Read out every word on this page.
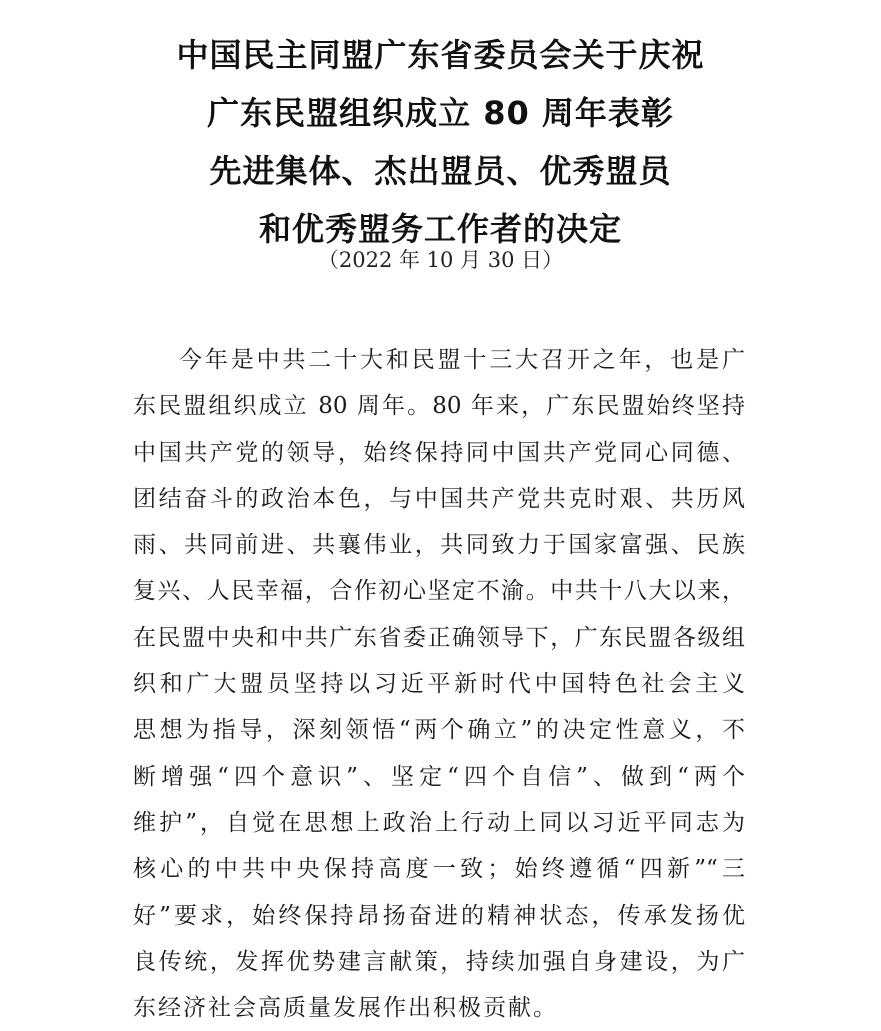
中国民主同盟广东省委员会关于庆祝
广东民盟组织成立 80 周年表彰
先进集体、杰出盟员、优秀盟员
和优秀盟务工作者的决定
（2022 年 10 月 30 日）

今年是中共二十大和民盟十三大召开之年，也是广
东民盟组织成立 80 周年。80 年来，广东民盟始终坚持
中国共产党的领导，始终保持同中国共产党同心同德、
团结奋斗的政治本色，与中国共产党共克时艰、共历风
雨、共同前进、共襄伟业，共同致力于国家富强、民族
复兴、人民幸福，合作初心坚定不渝。中共十八大以来，
在民盟中央和中共广东省委正确领导下，广东民盟各级组
织和广大盟员坚持以习近平新时代中国特色社会主义
思想为指导，深刻领悟“两个确立”的决定性意义，不
断增强“四个意识”、坚定“四个自信”、做到“两个
维护”，自觉在思想上政治上行动上同以习近平同志为
核心的中共中央保持高度一致；始终遵循“四新”“三
好”要求，始终保持昂扬奋进的精神状态，传承发扬优
良传统，发挥优势建言献策，持续加强自身建设，为广
东经济社会高质量发展作出积极贡献。
